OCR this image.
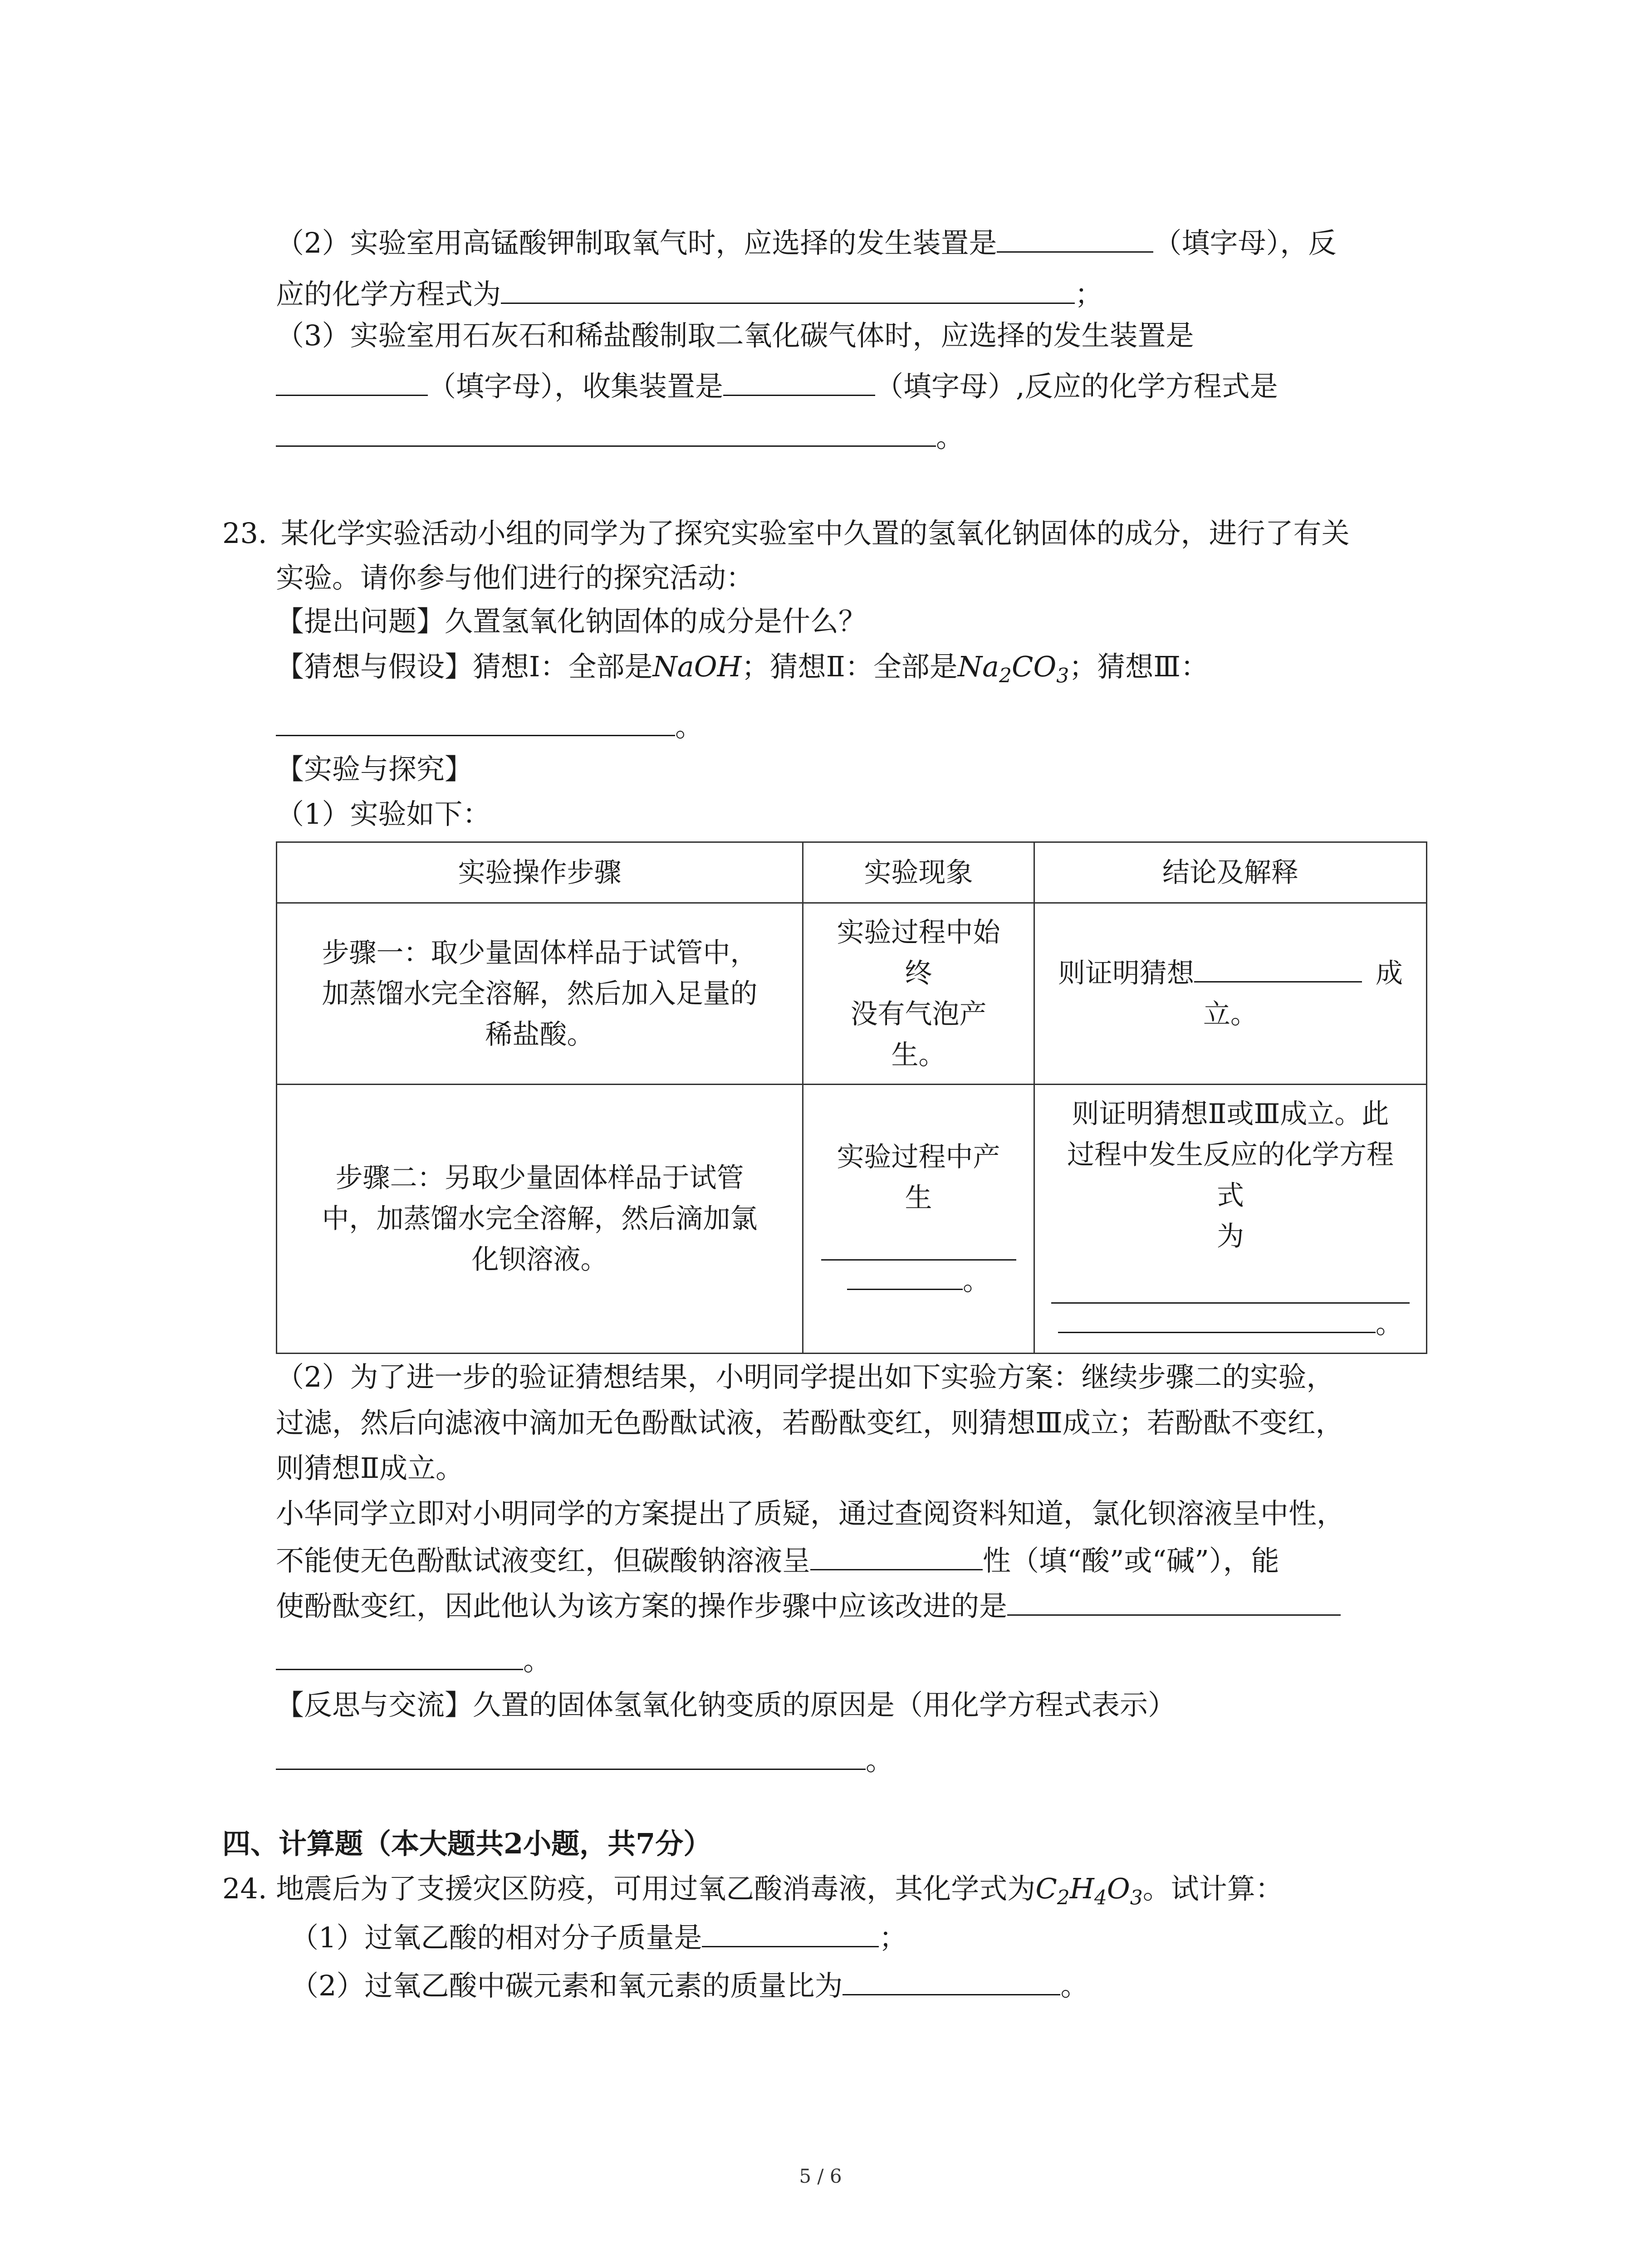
（2）实验室用高锰酸钾制取氧气时，应选择的发生装置是	（填字母），反
应的化学方程式为	；
（3）实验室用石灰石和稀盐酸制取二氧化碳气体时，应选择的发生装置是
（填字母），收集装置是	（填字母）,反应的化学方程式是
。
23. 某化学实验活动小组的同学为了探究实验室中久置的氢氧化钠固体的成分，进行了有关
实验。请你参与他们进行的探究活动：
【提出问题】久置氢氧化钠固体的成分是什么？
【猜想与假设】猜想Ⅰ：全部是NaOH；猜想Ⅱ：全部是$Na_2CO_3$；猜想Ⅲ：
。
【实验与探究】
（1）实验如下：
实验操作步骤	实验现象	结论及解释

步骤一：取少量固体样品于试管中，
加蒸馏水完全溶解，然后加入足量的
稀盐酸。	实验过程中始
终
没有气泡产
生。	则证明猜想 成
立。

步骤二：另取少量固体样品于试管
中，加蒸馏水完全溶解，然后滴加氯
化钡溶液。	实验过程中产
生
。	则证明猜想Ⅱ或Ⅲ成立。此
过程中发生反应的化学方程
式
为
。
（2）为了进一步的验证猜想结果，小明同学提出如下实验方案：继续步骤二的实验，
过滤，然后向滤液中滴加无色酚酞试液，若酚酞变红，则猜想Ⅲ成立；若酚酞不变红，
则猜想Ⅱ成立。
小华同学立即对小明同学的方案提出了质疑，通过查阅资料知道，氯化钡溶液呈中性，
不能使无色酚酞试液变红，但碳酸钠溶液呈	性（填“酸”或“碱”），能
使酚酞变红，因此他认为该方案的操作步骤中应该改进的是
。
【反思与交流】久置的固体氢氧化钠变质的原因是（用化学方程式表示）
。
四、计算题（本大题共2小题，共7分）
24. 地震后为了支援灾区防疫，可用过氧乙酸消毒液，其化学式为$C_2H_4O_3$。试计算：
（1）过氧乙酸的相对分子质量是	；
（2）过氧乙酸中碳元素和氧元素的质量比为	。
5 / 6
